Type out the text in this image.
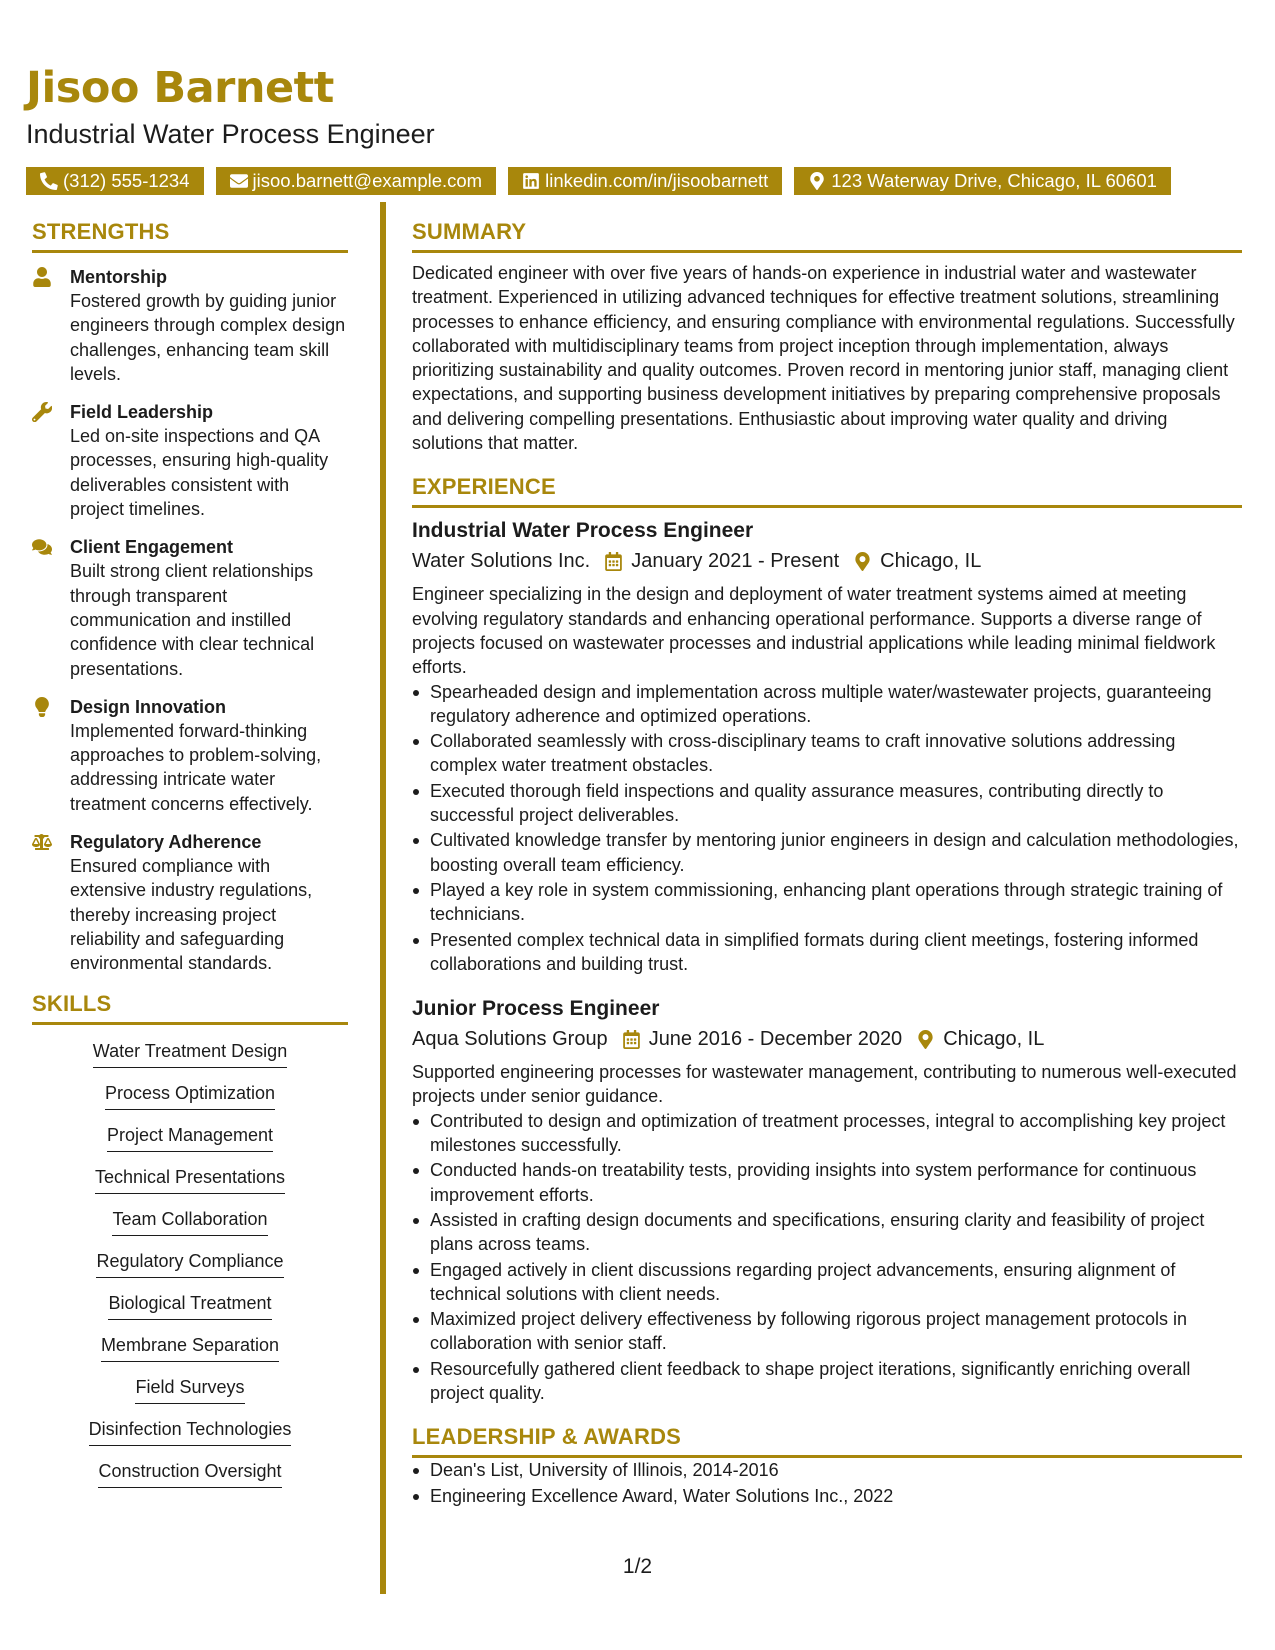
Jisoo Barnett
Industrial Water Process Engineer
(312) 555-1234	jisoo.barnett@example.com	linkedin.com/in/jisoobarnett	123 Waterway Drive, Chicago, IL 60601
STRENGTHS
Mentorship
Fostered growth by guiding junior engineers through complex design challenges, enhancing team skill levels.
Field Leadership
Led on-site inspections and QA processes, ensuring high-quality deliverables consistent with project timelines.
Client Engagement
Built strong client relationships through transparent communication and instilled confidence with clear technical presentations.
Design Innovation
Implemented forward-thinking approaches to problem-solving, addressing intricate water treatment concerns effectively.
Regulatory Adherence
Ensured compliance with extensive industry regulations, thereby increasing project reliability and safeguarding environmental standards.
SKILLS
Water Treatment Design
Process Optimization
Project Management
Technical Presentations
Team Collaboration
Regulatory Compliance
Biological Treatment
Membrane Separation
Field Surveys
Disinfection Technologies
Construction Oversight
SUMMARY
Dedicated engineer with over five years of hands-on experience in industrial water and wastewater treatment. Experienced in utilizing advanced techniques for effective treatment solutions, streamlining processes to enhance efficiency, and ensuring compliance with environmental regulations. Successfully collaborated with multidisciplinary teams from project inception through implementation, always prioritizing sustainability and quality outcomes. Proven record in mentoring junior staff, managing client expectations, and supporting business development initiatives by preparing comprehensive proposals and delivering compelling presentations. Enthusiastic about improving water quality and driving solutions that matter.
EXPERIENCE
Industrial Water Process Engineer
Water Solutions Inc. January 2021 - Present Chicago, IL
Engineer specializing in the design and deployment of water treatment systems aimed at meeting evolving regulatory standards and enhancing operational performance. Supports a diverse range of projects focused on wastewater processes and industrial applications while leading minimal fieldwork efforts.
Spearheaded design and implementation across multiple water/wastewater projects, guaranteeing regulatory adherence and optimized operations.
Collaborated seamlessly with cross-disciplinary teams to craft innovative solutions addressing complex water treatment obstacles.
Executed thorough field inspections and quality assurance measures, contributing directly to successful project deliverables.
Cultivated knowledge transfer by mentoring junior engineers in design and calculation methodologies, boosting overall team efficiency.
Played a key role in system commissioning, enhancing plant operations through strategic training of technicians.
Presented complex technical data in simplified formats during client meetings, fostering informed collaborations and building trust.
Junior Process Engineer
Aqua Solutions Group June 2016 - December 2020 Chicago, IL
Supported engineering processes for wastewater management, contributing to numerous well-executed projects under senior guidance.
Contributed to design and optimization of treatment processes, integral to accomplishing key project milestones successfully.
Conducted hands-on treatability tests, providing insights into system performance for continuous improvement efforts.
Assisted in crafting design documents and specifications, ensuring clarity and feasibility of project plans across teams.
Engaged actively in client discussions regarding project advancements, ensuring alignment of technical solutions with client needs.
Maximized project delivery effectiveness by following rigorous project management protocols in collaboration with senior staff.
Resourcefully gathered client feedback to shape project iterations, significantly enriching overall project quality.
LEADERSHIP & AWARDS
Dean's List, University of Illinois, 2014-2016
Engineering Excellence Award, Water Solutions Inc., 2022
1/2
